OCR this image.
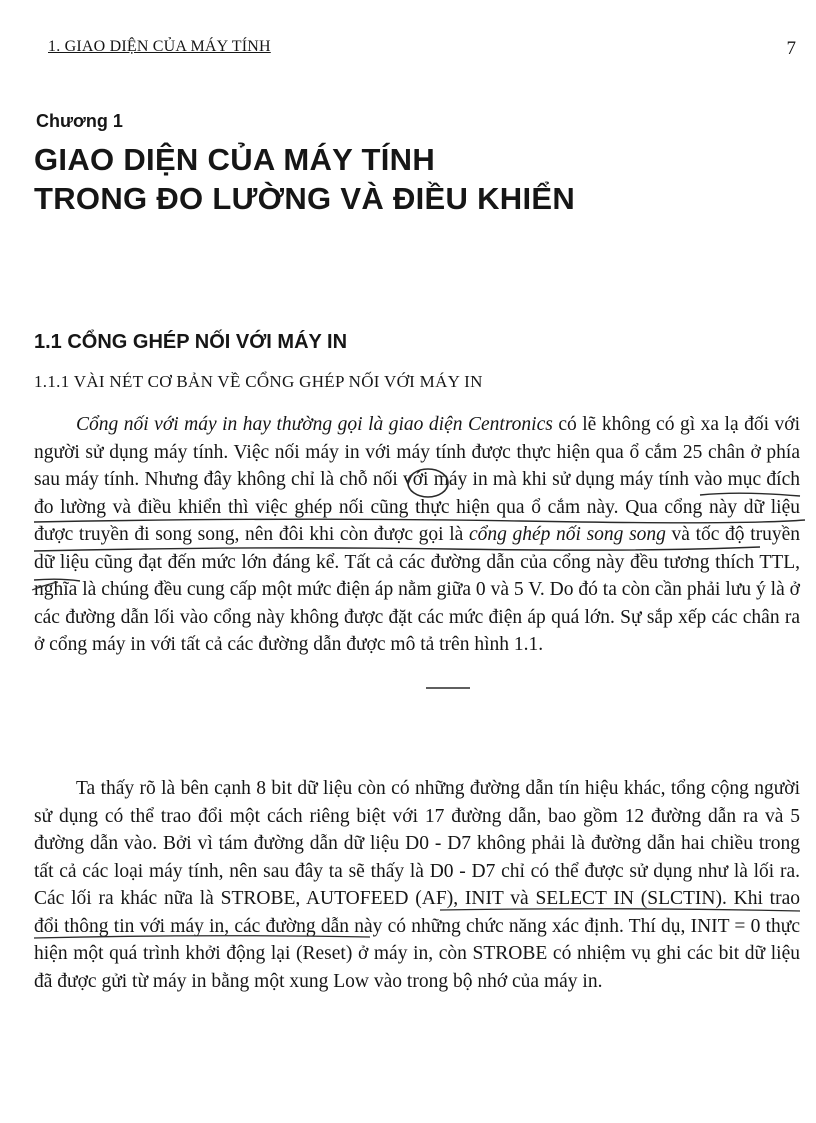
1. GIAO DIỆN CỦA MÁY TÍNH	7
Chương 1
GIAO DIỆN CỦA MÁY TÍNH
TRONG ĐO LƯỜNG VÀ ĐIỀU KHIỂN
1.1 CỔNG GHÉP NỐI VỚI MÁY IN
1.1.1 VÀI NÉT CƠ BẢN VỀ CỔNG GHÉP NỐI VỚI MÁY IN

Cổng nối với máy in hay thường gọi là giao diện Centronics có lẽ không có gì xa lạ đối với người sử dụng máy tính. Việc nối máy in với máy tính được thực hiện qua ổ cắm 25 chân ở phía sau máy tính. Nhưng đây không chỉ là chỗ nối với máy in mà khi sử dụng máy tính vào mục đích đo lường và điều khiển thì việc ghép nối cũng thực hiện qua ổ cắm này. Qua cổng này dữ liệu được truyền đi song song, nên đôi khi còn được gọi là cổng ghép nối song song và tốc độ truyền dữ liệu cũng đạt đến mức lớn đáng kể. Tất cả các đường dẫn của cổng này đều tương thích TTL, nghĩa là chúng đều cung cấp một mức điện áp nằm giữa 0 và 5 V. Do đó ta còn cần phải lưu ý là ở các đường dẫn lối vào cổng này không được đặt các mức điện áp quá lớn. Sự sắp xếp các chân ra ở cổng máy in với tất cả các đường dẫn được mô tả trên hình 1.1.

Ta thấy rõ là bên cạnh 8 bit dữ liệu còn có những đường dẫn tín hiệu khác, tổng cộng người sử dụng có thể trao đổi một cách riêng biệt với 17 đường dẫn, bao gồm 12 đường dẫn ra và 5 đường dẫn vào. Bởi vì tám đường dẫn dữ liệu D0 - D7 không phải là đường dẫn hai chiều trong tất cả các loại máy tính, nên sau đây ta sẽ thấy là D0 - D7 chỉ có thể được sử dụng như là lối ra. Các lối ra khác nữa là STROBE, AUTOFEED (AF), INIT và SELECT IN (SLCTIN). Khi trao đổi thông tin với máy in, các đường dẫn này có những chức năng xác định. Thí dụ, INIT = 0 thực hiện một quá trình khởi động lại (Reset) ở máy in, còn STROBE có nhiệm vụ ghi các bit dữ liệu đã được gửi từ máy in bằng một xung Low vào trong bộ nhớ của máy in.
